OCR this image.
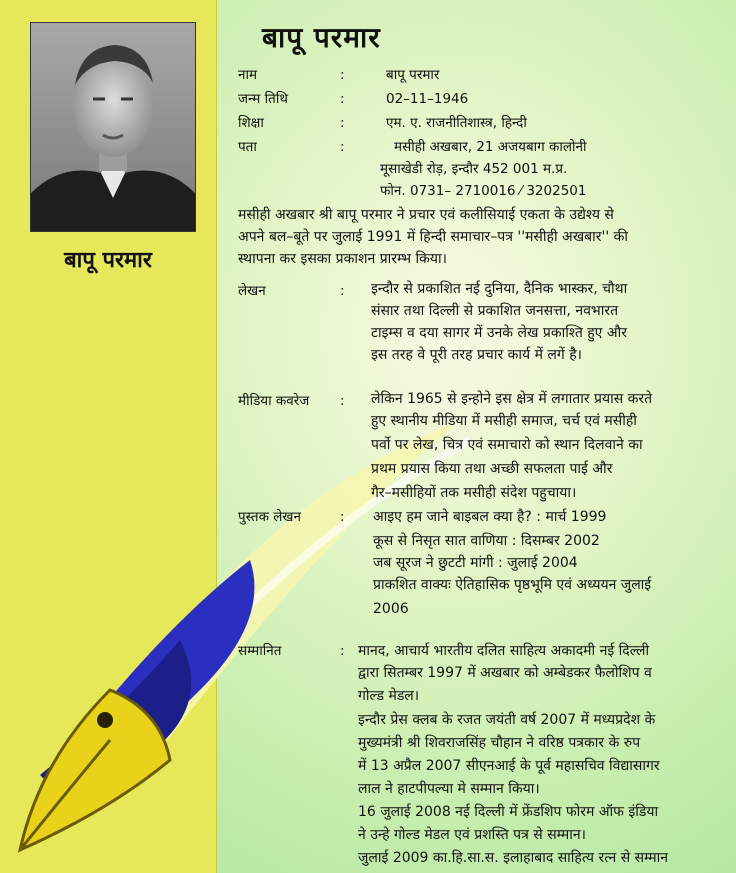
बापू परमार
बापू परमार
नाम	:	बापू परमार
जन्म तिथि	:	02–11–1946
शिक्षा	:	एम. ए. राजनीतिशास्त्र, हिन्दी
पता	:	मसीही अखबार, 21 अजयबाग कालोनी
मूसाखेडी रोड़, इन्दौर 452 001 म.प्र.
फोन. 0731– 2710016 ⁄ 3202501
मसीही अखबार श्री बापू परमार ने प्रचार एवं कलीसियाई एकता के उद्येश्य से
अपने बल–बूते पर जुलाई 1991 में हिन्दी समाचार–पत्र ''मसीही अखबार'' की
स्थापना कर इसका प्रकाशन प्रारम्भ किया।
लेखन	: इन्दौर से प्रकाशित नई दुनिया, दैनिक भास्कर, चौथा
संसार तथा दिल्ली से प्रकाशित जनसत्ता, नवभारत
टाइम्स व दया सागर में उनके लेख प्रकाश्ति हुए और
इस तरह वे पूरी तरह प्रचार कार्य में लगें है।
मीडिया कवरेज : लेकिन 1965 से इन्होने इस क्षेत्र में लगातार प्रयास करते
हुए स्थानीय मीडिया में मसीही समाज, चर्च एवं मसीही
पर्वो पर लेख, चित्र एवं समाचारो को स्थान दिलवाने का
प्रथम प्रयास किया तथा अच्छी सफलता पाई और
गैर–मसीहियों तक मसीही संदेश पहुचाया।
पुस्तक लेखन	: आइए हम जाने बाइबल क्या है? : मार्च 1999
कूस से निसृत सात वाणिया : दिसम्बर 2002
जब सूरज ने छुटटी मांगी : जुलाई 2004
प्राकशित वाक्यः ऐतिहासिक पृष्ठभूमि एवं अध्ययन जुलाई
2006
सम्मानित	: मानद, आचार्य भारतीय दलित साहित्य अकादमी नई दिल्ली
द्वारा सितम्बर 1997 में अखबार को अम्बेडकर फैलोशिप व
गोल्ड मेडल।
इन्दौर प्रेस क्लब के रजत जयंती वर्ष 2007 में मध्यप्रदेश के
मुख्यमंत्री श्री शिवराजसिंह चौहान ने वरिष्ठ पत्रकार के रुप
में 13 अप्रैल 2007 सीएनआई के पूर्व महासचिव विद्यासागर
लाल ने हाटपीपल्या मे सम्मान किया।
16 जुलाई 2008 नई दिल्ली में फ्रेंडशिप फोरम ऑफ इंडिया
ने उन्हे गोल्ड मेडल एवं प्रशस्ति पत्र से सम्मान।
जुलाई 2009 का.हि.सा.स. इलाहाबाद साहित्य रत्न से सम्मान
